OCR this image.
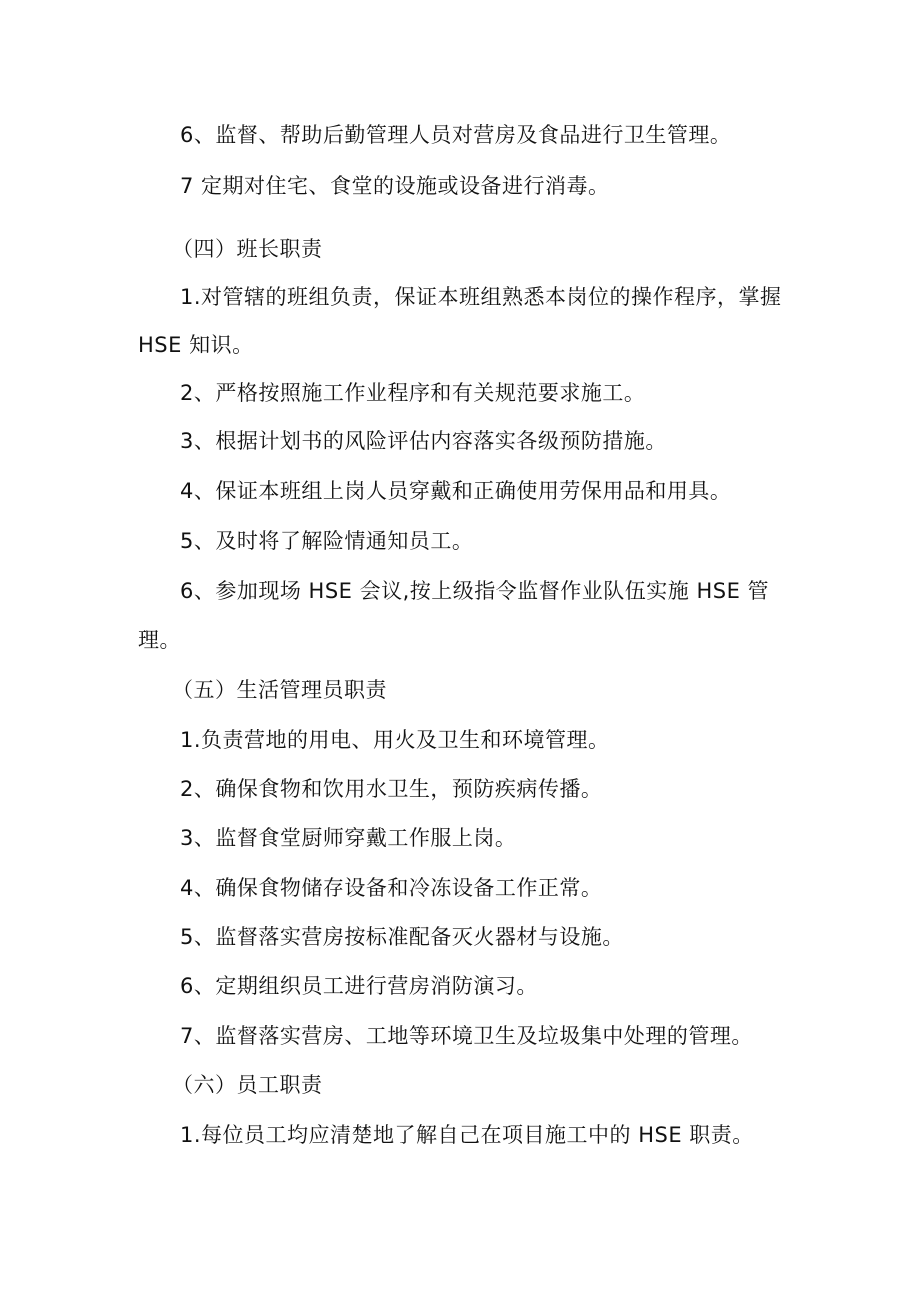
6、监督、帮助后勤管理人员对营房及食品进行卫生管理。
7 定期对住宅、食堂的设施或设备进行消毒。
（四）班长职责
1.对管辖的班组负责，保证本班组熟悉本岗位的操作程序，掌握
HSE 知识。
2、严格按照施工作业程序和有关规范要求施工。
3、根据计划书的风险评估内容落实各级预防措施。
4、保证本班组上岗人员穿戴和正确使用劳保用品和用具。
5、及时将了解险情通知员工。
6、参加现场 HSE 会议,按上级指令监督作业队伍实施 HSE 管
理。
（五）生活管理员职责
1.负责营地的用电、用火及卫生和环境管理。
2、确保食物和饮用水卫生，预防疾病传播。
3、监督食堂厨师穿戴工作服上岗。
4、确保食物储存设备和冷冻设备工作正常。
5、监督落实营房按标准配备灭火器材与设施。
6、定期组织员工进行营房消防演习。
7、监督落实营房、工地等环境卫生及垃圾集中处理的管理。
（六）员工职责
1.每位员工均应清楚地了解自己在项目施工中的 HSE 职责。
